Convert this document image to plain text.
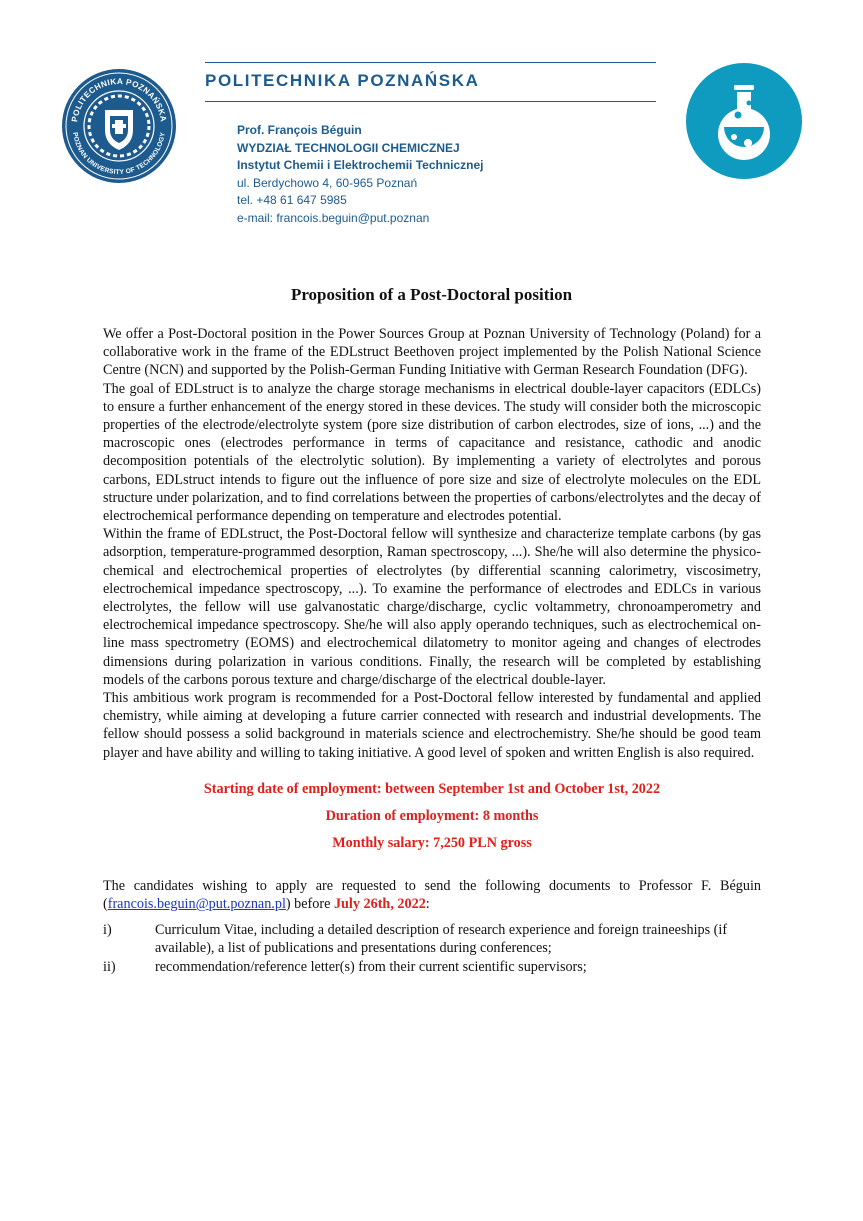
POLITECHNIKA POZNAŃSKA
POZNAN UNIVERSITY OF TECHNOLOGY
POLITECHNIKA POZNAŃSKA
Prof. François Béguin
WYDZIAŁ TECHNOLOGII CHEMICZNEJ
Instytut Chemii i Elektrochemii Technicznej
ul. Berdychowo 4, 60-965 Poznań
tel. +48 61 647 5985
e-mail: francois.beguin@put.poznan
Proposition of a Post-Doctoral position

We offer a Post-Doctoral position in the Power Sources Group at Poznan University of Technology (Poland) for a collaborative work in the frame of the EDLstruct Beethoven project implemented by the Polish National Science Centre (NCN) and supported by the Polish-German Funding Initiative with German Research Foundation (DFG).

The goal of EDLstruct is to analyze the charge storage mechanisms in electrical double-layer capacitors (EDLCs) to ensure a further enhancement of the energy stored in these devices. The study will consider both the microscopic properties of the electrode/electrolyte system (pore size distribution of carbon electrodes, size of ions, ...) and the macroscopic ones (electrodes performance in terms of capacitance and resistance, cathodic and anodic decomposition potentials of the electrolytic solution). By implementing a variety of electrolytes and porous carbons, EDLstruct intends to figure out the influence of pore size and size of electrolyte molecules on the EDL structure under polarization, and to find correlations between the properties of carbons/electrolytes and the decay of electrochemical performance depending on temperature and electrodes potential.

Within the frame of EDLstruct, the Post-Doctoral fellow will synthesize and characterize template carbons (by gas adsorption, temperature-programmed desorption, Raman spectroscopy, ...). She/he will also determine the physico-chemical and electrochemical properties of electrolytes (by differential scanning calorimetry, viscosimetry, electrochemical impedance spectroscopy, ...). To examine the performance of electrodes and EDLCs in various electrolytes, the fellow will use galvanostatic charge/discharge, cyclic voltammetry, chronoamperometry and electrochemical impedance spectroscopy. She/he will also apply operando techniques, such as electrochemical on-line mass spectrometry (EOMS) and electrochemical dilatometry to monitor ageing and changes of electrodes dimensions during polarization in various conditions. Finally, the research will be completed by establishing models of the carbons porous texture and charge/discharge of the electrical double-layer.

This ambitious work program is recommended for a Post-Doctoral fellow interested by fundamental and applied chemistry, while aiming at developing a future carrier connected with research and industrial developments. The fellow should possess a solid background in materials science and electrochemistry. She/he should be good team player and have ability and willing to taking initiative. A good level of spoken and written English is also required.

Starting date of employment: between September 1st and October 1st, 2022

Duration of employment: 8 months

Monthly salary: 7,250 PLN gross

The candidates wishing to apply are requested to send the following documents to Professor F. Béguin (francois.beguin@put.poznan.pl) before July 26th, 2022:

i)	Curriculum Vitae, including a detailed description of research experience and foreign traineeships (if available), a list of publications and presentations during conferences;
ii)	recommendation/reference letter(s) from their current scientific supervisors;
